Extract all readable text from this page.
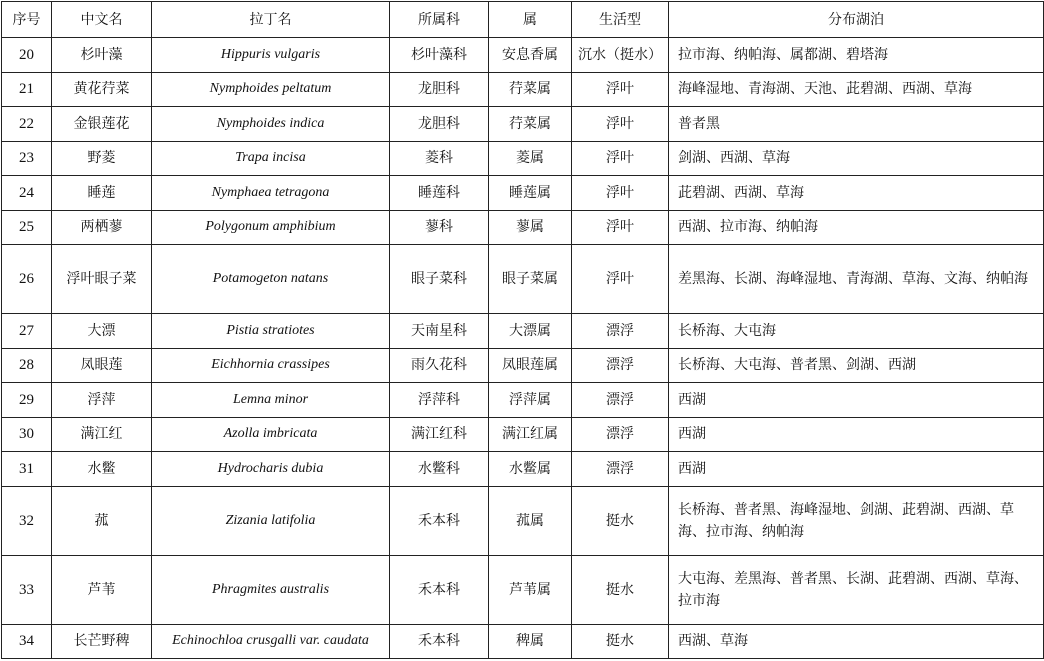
序号	中文名	拉丁名	所属科	属	生活型	分布湖泊
20	杉叶藻	Hippuris vulgaris	杉叶藻科	安息香属	沉水（挺水）	拉市海、纳帕海、属都湖、碧塔海
21	黄花荇菜	Nymphoides peltatum	龙胆科	荇菜属	浮叶	海峰湿地、青海湖、天池、茈碧湖、西湖、草海
22	金银莲花	Nymphoides indica	龙胆科	荇菜属	浮叶	普者黑
23	野菱	Trapa incisa	菱科	菱属	浮叶	剑湖、西湖、草海
24	睡莲	Nymphaea tetragona	睡莲科	睡莲属	浮叶	茈碧湖、西湖、草海
25	两栖蓼	Polygonum amphibium	蓼科	蓼属	浮叶	西湖、拉市海、纳帕海
26	浮叶眼子菜	Potamogeton natans	眼子菜科	眼子菜属	浮叶	差黑海、长湖、海峰湿地、青海湖、草海、文海、纳帕海
27	大漂	Pistia stratiotes	天南星科	大漂属	漂浮	长桥海、大屯海
28	凤眼莲	Eichhornia crassipes	雨久花科	凤眼莲属	漂浮	长桥海、大屯海、普者黑、剑湖、西湖
29	浮萍	Lemna minor	浮萍科	浮萍属	漂浮	西湖
30	满江红	Azolla imbricata	满江红科	满江红属	漂浮	西湖
31	水鳖	Hydrocharis dubia	水鳖科	水鳖属	漂浮	西湖
32	菰	Zizania latifolia	禾本科	菰属	挺水	长桥海、普者黑、海峰湿地、剑湖、茈碧湖、西湖、草海、拉市海、纳帕海
33	芦苇	Phragmites australis	禾本科	芦苇属	挺水	大屯海、差黑海、普者黑、长湖、茈碧湖、西湖、草海、拉市海
34	长芒野稗	Echinochloa crusgalli var. caudata	禾本科	稗属	挺水	西湖、草海
